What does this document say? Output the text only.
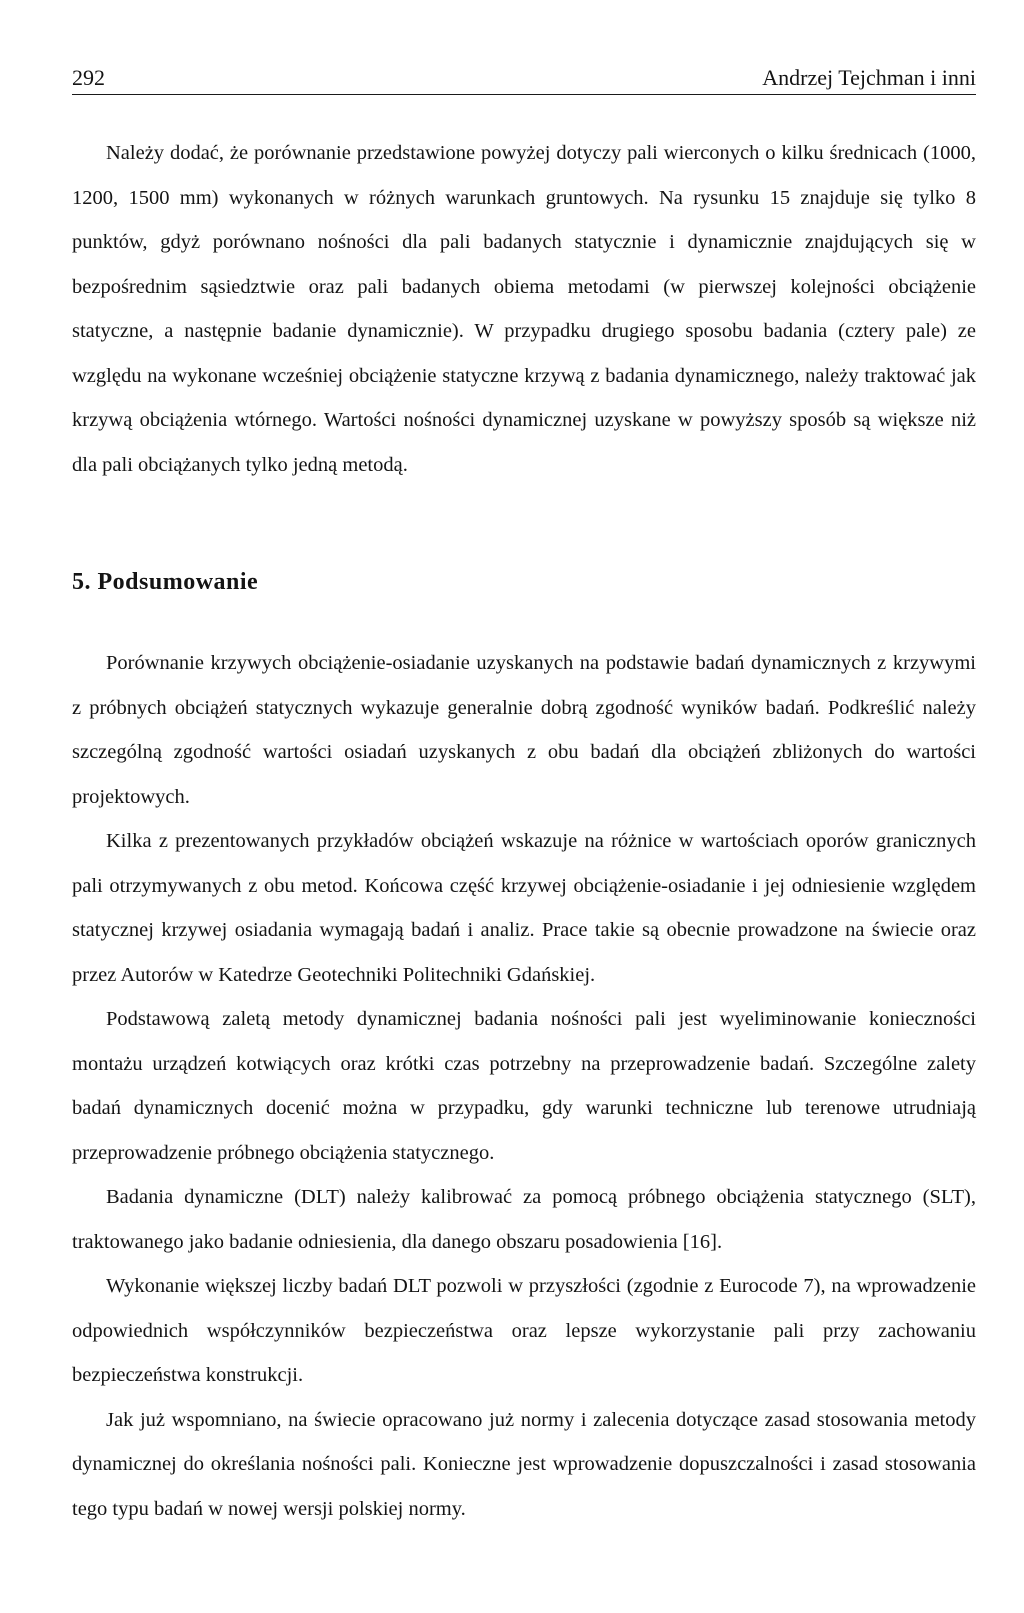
292	Andrzej Tejchman i inni

Należy dodać, że porównanie przedstawione powyżej dotyczy pali wierconych o kilku średnicach (1000, 1200, 1500 mm) wykonanych w różnych warunkach gruntowych. Na rysunku 15 znajduje się tylko 8 punktów, gdyż porównano nośności dla pali badanych statycznie i dynamicznie znajdujących się w bezpośrednim sąsiedztwie oraz pali badanych obiema metodami (w pierwszej kolejności obciążenie statyczne, a następnie badanie dynamicznie). W przypadku drugiego sposobu badania (cztery pale) ze względu na wykonane wcześniej obciążenie statyczne krzywą z badania dynamicznego, należy traktować jak krzywą obciążenia wtórnego. Wartości nośności dynamicznej uzyskane w powyższy sposób są większe niż dla pali obciążanych tylko jedną metodą.

5. Podsumowanie

Porównanie krzywych obciążenie-osiadanie uzyskanych na podstawie badań dynamicznych z krzywymi z próbnych obciążeń statycznych wykazuje generalnie dobrą zgodność wyników badań. Podkreślić należy szczególną zgodność wartości osiadań uzyskanych z obu badań dla obciążeń zbliżonych do wartości projektowych.

Kilka z prezentowanych przykładów obciążeń wskazuje na różnice w wartościach oporów granicznych pali otrzymywanych z obu metod. Końcowa część krzywej obciążenie-osiadanie i jej odniesienie względem statycznej krzywej osiadania wymagają badań i analiz. Prace takie są obecnie prowadzone na świecie oraz przez Autorów w Katedrze Geotechniki Politechniki Gdańskiej.

Podstawową zaletą metody dynamicznej badania nośności pali jest wyeliminowanie konieczności montażu urządzeń kotwiących oraz krótki czas potrzebny na przeprowadzenie badań. Szczególne zalety badań dynamicznych docenić można w przypadku, gdy warunki techniczne lub terenowe utrudniają przeprowadzenie próbnego obciążenia statycznego.

Badania dynamiczne (DLT) należy kalibrować za pomocą próbnego obciążenia statycznego (SLT), traktowanego jako badanie odniesienia, dla danego obszaru posadowienia [16].

Wykonanie większej liczby badań DLT pozwoli w przyszłości (zgodnie z Eurocode 7), na wprowadzenie odpowiednich współczynników bezpieczeństwa oraz lepsze wykorzystanie pali przy zachowaniu bezpieczeństwa konstrukcji.

Jak już wspomniano, na świecie opracowano już normy i zalecenia dotyczące zasad stosowania metody dynamicznej do określania nośności pali. Konieczne jest wprowadzenie dopuszczalności i zasad stosowania tego typu badań w nowej wersji polskiej normy.
